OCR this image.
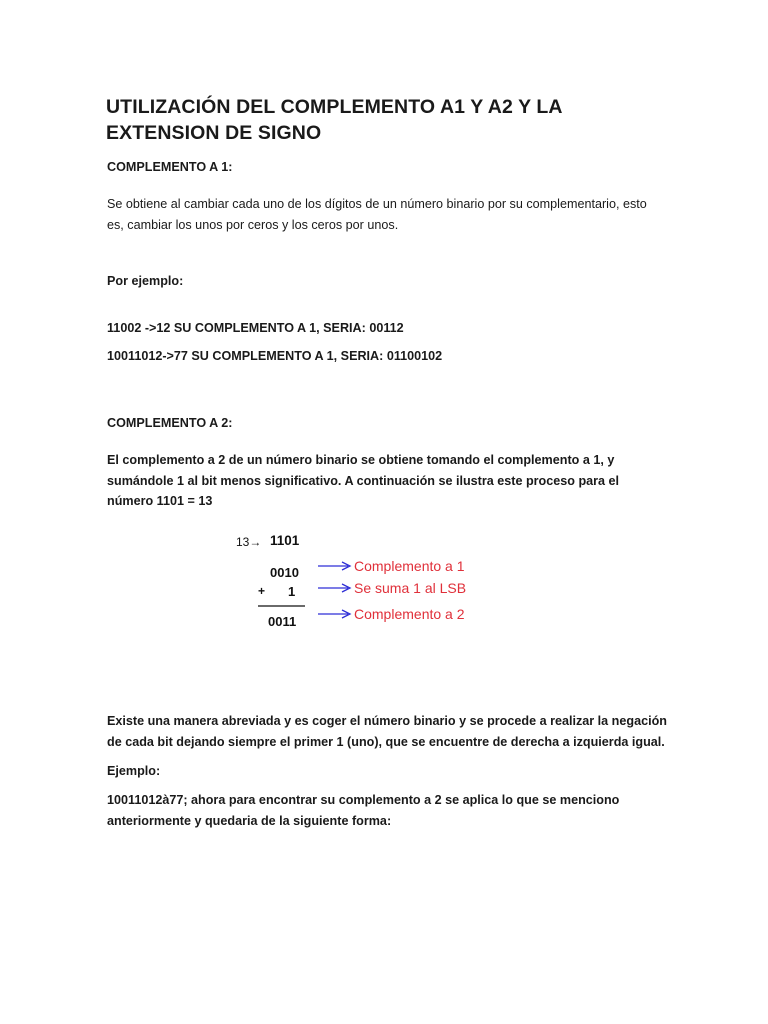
UTILIZACIÓN DEL COMPLEMENTO A1 Y A2 Y LA EXTENSION DE SIGNO
COMPLEMENTO A 1:
Se obtiene al cambiar cada uno de los dígitos de un número binario por su complementario, esto es, cambiar los unos por ceros y los ceros por unos.
Por ejemplo:
11002 ->12 SU COMPLEMENTO A 1, SERIA: 00112
10011012->77 SU COMPLEMENTO A 1, SERIA: 01100102
COMPLEMENTO A 2:
El complemento a 2 de un número binario se obtiene tomando el complemento a 1, y sumándole 1 al bit menos significativo. A continuación se ilustra este proceso para el número 1101 = 13
13→ 1101
0010
+ 1
0011
Complemento a 1
Se suma 1 al LSB
Complemento a 2
Existe una manera abreviada y es coger el número binario y se procede a realizar la negación de cada bit dejando siempre el primer 1 (uno), que se encuentre de derecha a izquierda igual.
Ejemplo:
10011012à77; ahora para encontrar su complemento a 2 se aplica lo que se menciono anteriormente y quedaria de la siguiente forma:
